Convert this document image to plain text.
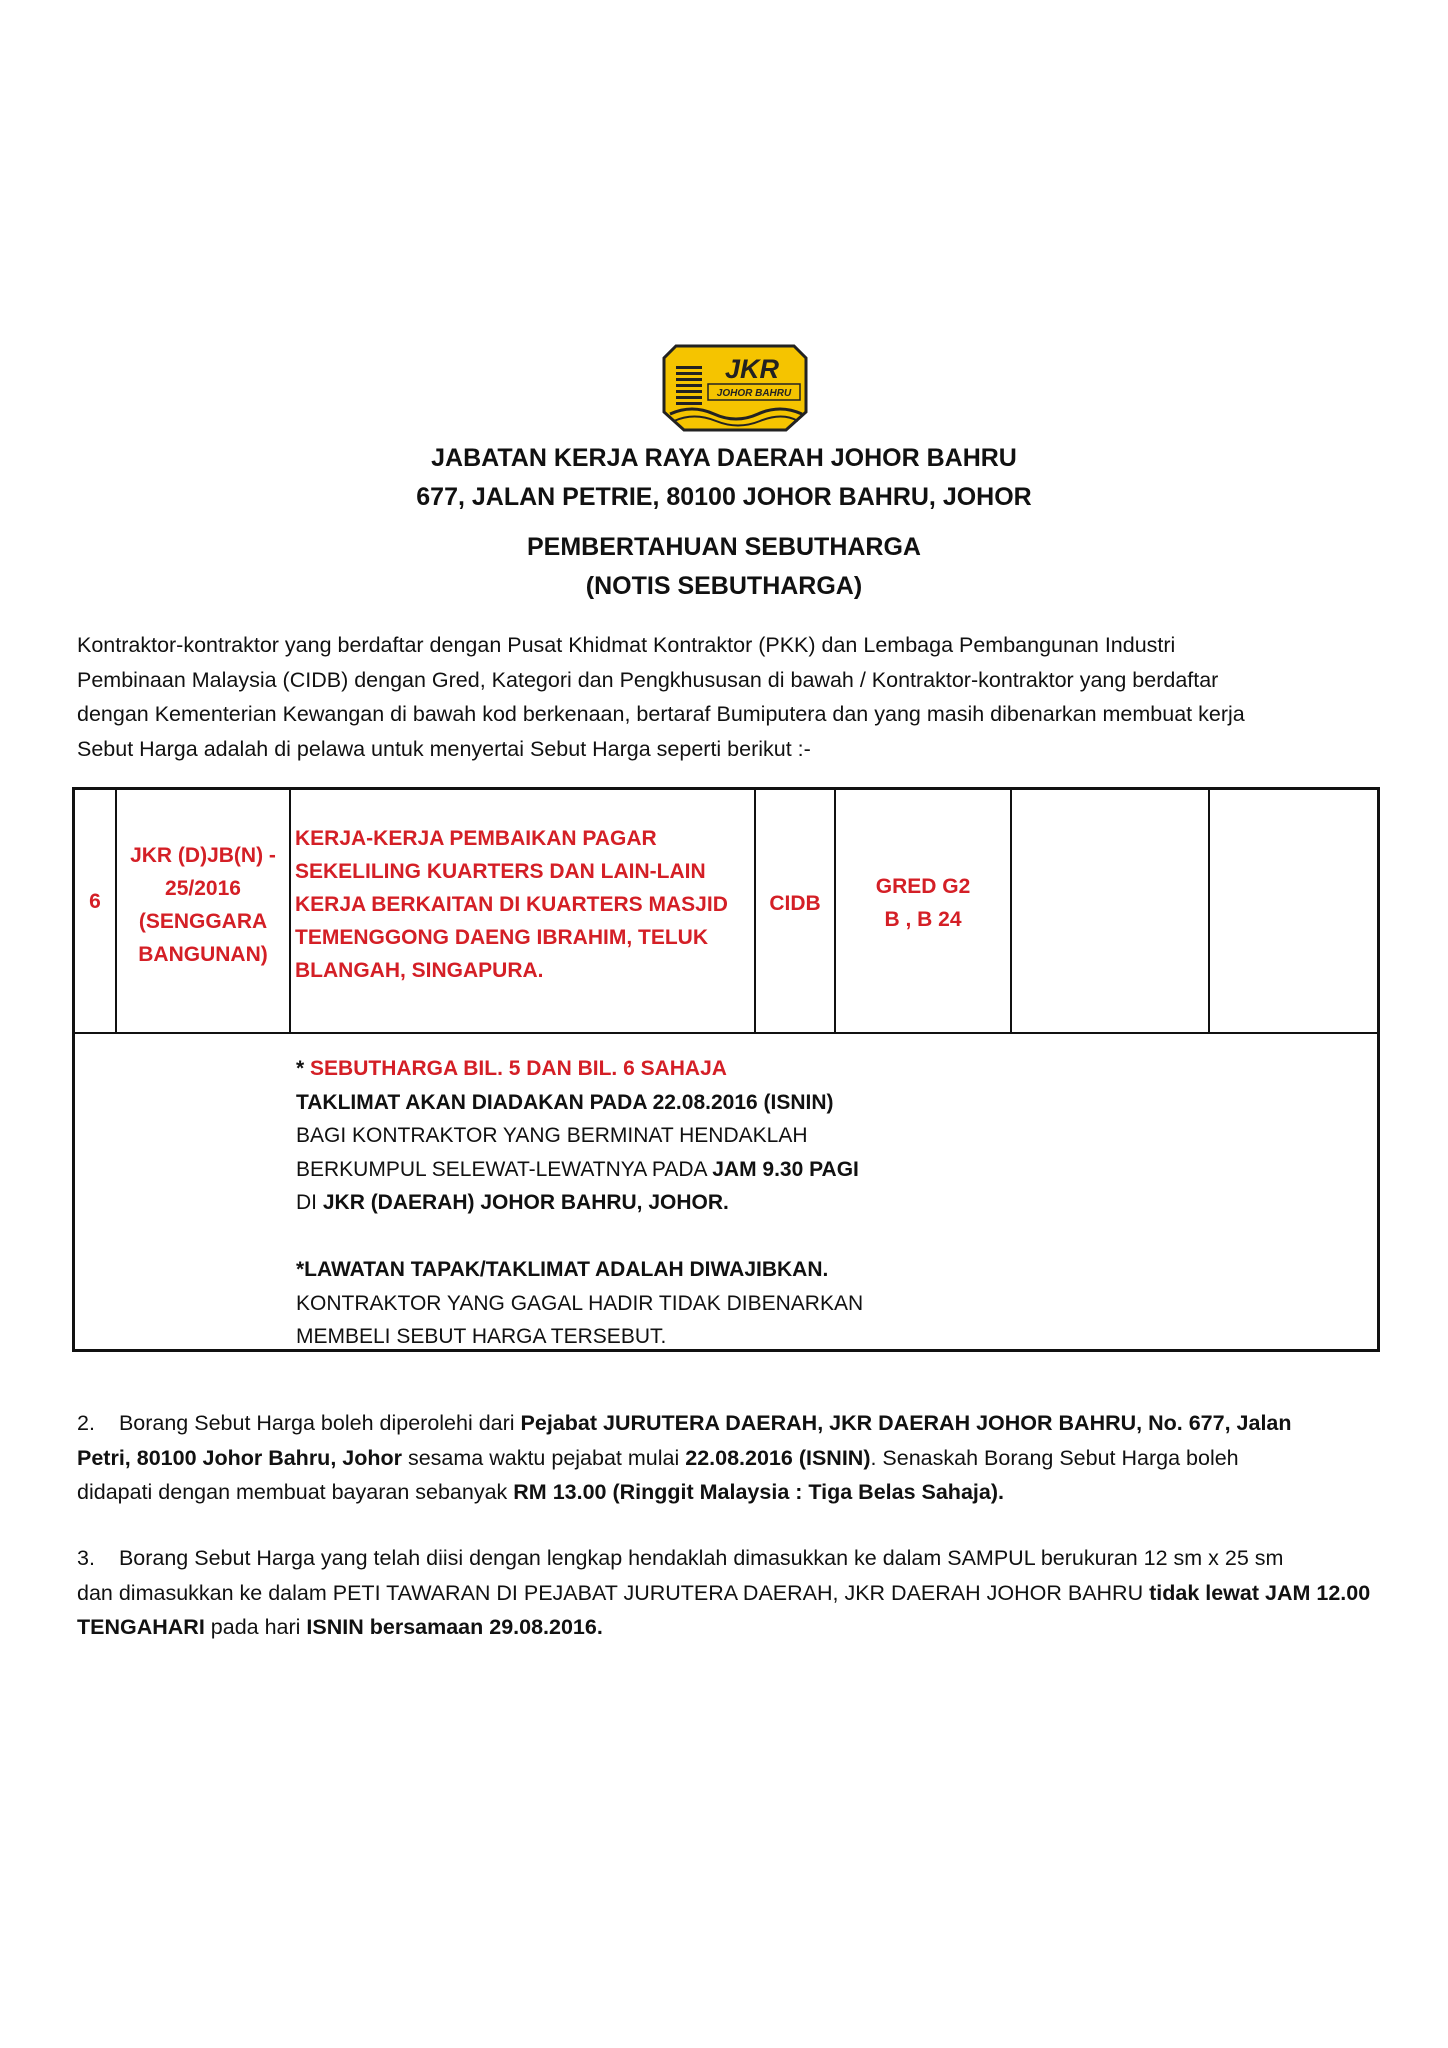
JKR
JOHOR BAHRU
JABATAN KERJA RAYA DAERAH JOHOR BAHRU
677, JALAN PETRIE, 80100 JOHOR BAHRU, JOHOR
PEMBERTAHUAN SEBUTHARGA
(NOTIS SEBUTHARGA)
Kontraktor-kontraktor yang berdaftar dengan Pusat Khidmat Kontraktor (PKK) dan Lembaga Pembangunan Industri
Pembinaan Malaysia (CIDB) dengan Gred, Kategori dan Pengkhususan di bawah / Kontraktor-kontraktor yang berdaftar
dengan Kementerian Kewangan di bawah kod berkenaan, bertaraf Bumiputera dan yang masih dibenarkan membuat kerja
Sebut Harga adalah di pelawa untuk menyertai Sebut Harga seperti berikut :-
6
JKR (D)JB(N) -
25/2016
(SENGGARA
BANGUNAN)
KERJA-KERJA PEMBAIKAN PAGAR
SEKELILING KUARTERS DAN LAIN-LAIN
KERJA BERKAITAN DI KUARTERS MASJID
TEMENGGONG DAENG IBRAHIM, TELUK
BLANGAH, SINGAPURA.
CIDB
GRED G2
B , B 24
* SEBUTHARGA BIL. 5 DAN BIL. 6 SAHAJA
TAKLIMAT AKAN DIADAKAN PADA 22.08.2016 (ISNIN)
BAGI KONTRAKTOR YANG BERMINAT HENDAKLAH
BERKUMPUL SELEWAT-LEWATNYA PADA JAM 9.30 PAGI
DI JKR (DAERAH) JOHOR BAHRU, JOHOR.
*LAWATAN TAPAK/TAKLIMAT ADALAH DIWAJIBKAN.
KONTRAKTOR YANG GAGAL HADIR TIDAK DIBENARKAN
MEMBELI SEBUT HARGA TERSEBUT.
2. Borang Sebut Harga boleh diperolehi dari Pejabat JURUTERA DAERAH, JKR DAERAH JOHOR BAHRU, No. 677, Jalan
Petri, 80100 Johor Bahru, Johor sesama waktu pejabat mulai 22.08.2016 (ISNIN). Senaskah Borang Sebut Harga boleh
didapati dengan membuat bayaran sebanyak RM 13.00 (Ringgit Malaysia : Tiga Belas Sahaja).
3. Borang Sebut Harga yang telah diisi dengan lengkap hendaklah dimasukkan ke dalam SAMPUL berukuran 12 sm x 25 sm
dan dimasukkan ke dalam PETI TAWARAN DI PEJABAT JURUTERA DAERAH, JKR DAERAH JOHOR BAHRU tidak lewat JAM 12.00
TENGAHARI pada hari ISNIN bersamaan 29.08.2016.
